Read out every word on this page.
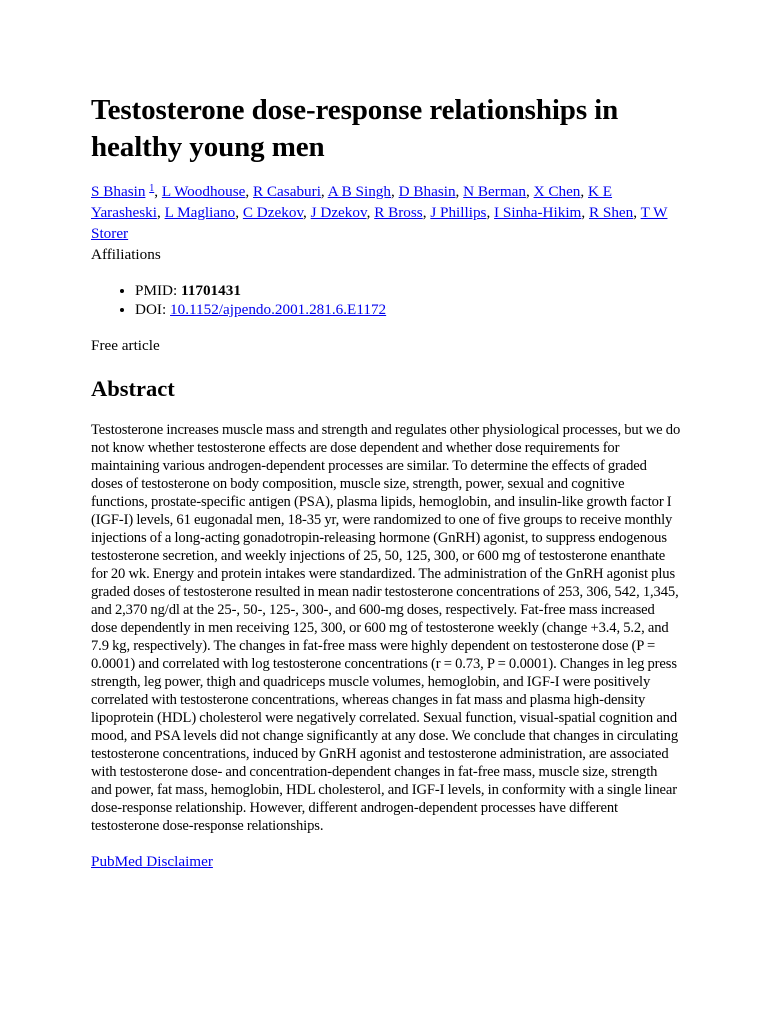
Testosterone dose-response relationships in healthy young men

S Bhasin $^1$, L Woodhouse, R Casaburi, A B Singh, D Bhasin, N Berman, X Chen, K E Yarasheski, L Magliano, C Dzekov, J Dzekov, R Bross, J Phillips, I Sinha-Hikim, R Shen, T W Storer

Affiliations

• PMID: 11701431
• DOI: 10.1152/ajpendo.2001.281.6.E1172

Free article

Abstract

Testosterone increases muscle mass and strength and regulates other physiological processes, but we do not know whether testosterone effects are dose dependent and whether dose requirements for maintaining various androgen-dependent processes are similar. To determine the effects of graded doses of testosterone on body composition, muscle size, strength, power, sexual and cognitive functions, prostate-specific antigen (PSA), plasma lipids, hemoglobin, and insulin-like growth factor I (IGF-I) levels, 61 eugonadal men, 18-35 yr, were randomized to one of five groups to receive monthly injections of a long-acting gonadotropin-releasing hormone (GnRH) agonist, to suppress endogenous testosterone secretion, and weekly injections of 25, 50, 125, 300, or 600 mg of testosterone enanthate for 20 wk. Energy and protein intakes were standardized. The administration of the GnRH agonist plus graded doses of testosterone resulted in mean nadir testosterone concentrations of 253, 306, 542, 1,345, and 2,370 ng/dl at the 25-, 50-, 125-, 300-, and 600-mg doses, respectively. Fat-free mass increased dose dependently in men receiving 125, 300, or 600 mg of testosterone weekly (change +3.4, 5.2, and 7.9 kg, respectively). The changes in fat-free mass were highly dependent on testosterone dose (P = 0.0001) and correlated with log testosterone concentrations (r = 0.73, P = 0.0001). Changes in leg press strength, leg power, thigh and quadriceps muscle volumes, hemoglobin, and IGF-I were positively correlated with testosterone concentrations, whereas changes in fat mass and plasma high-density lipoprotein (HDL) cholesterol were negatively correlated. Sexual function, visual-spatial cognition and mood, and PSA levels did not change significantly at any dose. We conclude that changes in circulating testosterone concentrations, induced by GnRH agonist and testosterone administration, are associated with testosterone dose- and concentration-dependent changes in fat-free mass, muscle size, strength and power, fat mass, hemoglobin, HDL cholesterol, and IGF-I levels, in conformity with a single linear dose-response relationship. However, different androgen-dependent processes have different testosterone dose-response relationships.

PubMed Disclaimer
